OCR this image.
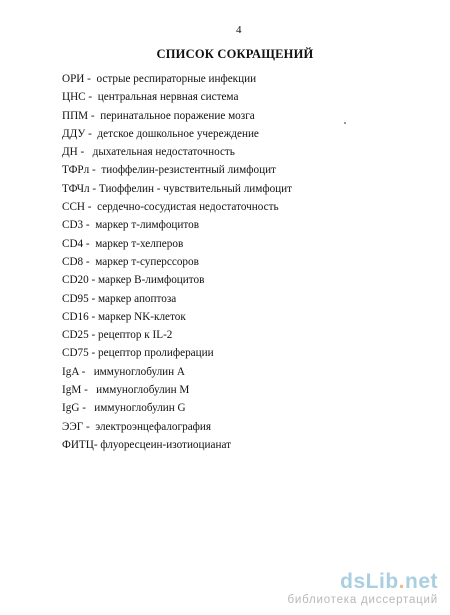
4
СПИСОК СОКРАЩЕНИЙ
ОРИ -  острые респираторные инфекции
ЦНС -  центральная нервная система
ППМ -  перинатальное поражение мозга
ДДУ -  детское дошкольное учереждение
ДН -   дыхательная недостаточность
ТФРл -  тиоффелин-резистентный лимфоцит
ТФЧл - Тиоффелин - чувствительный лимфоцит
ССН -  сердечно-сосудистая недостаточность
CD3 -  маркер т-лимфоцитов
CD4 -  маркер т-хелперов
CD8 -  маркер т-суперссоров
CD20 - маркер В-лимфоцитов
CD95 - маркер апоптоза
CD16 - маркер NK-клеток
CD25 - рецептор к IL-2
CD75 - рецептор пролиферации
IgA -   иммуноглобулин А
IgM -   иммуноглобулин М
IgG -   иммуноглобулин G
ЭЭГ -  электроэнцефалография
ФИТЦ- флуоресцеин-изотиоцианат
dsLib.net
библиотека диссертаций
